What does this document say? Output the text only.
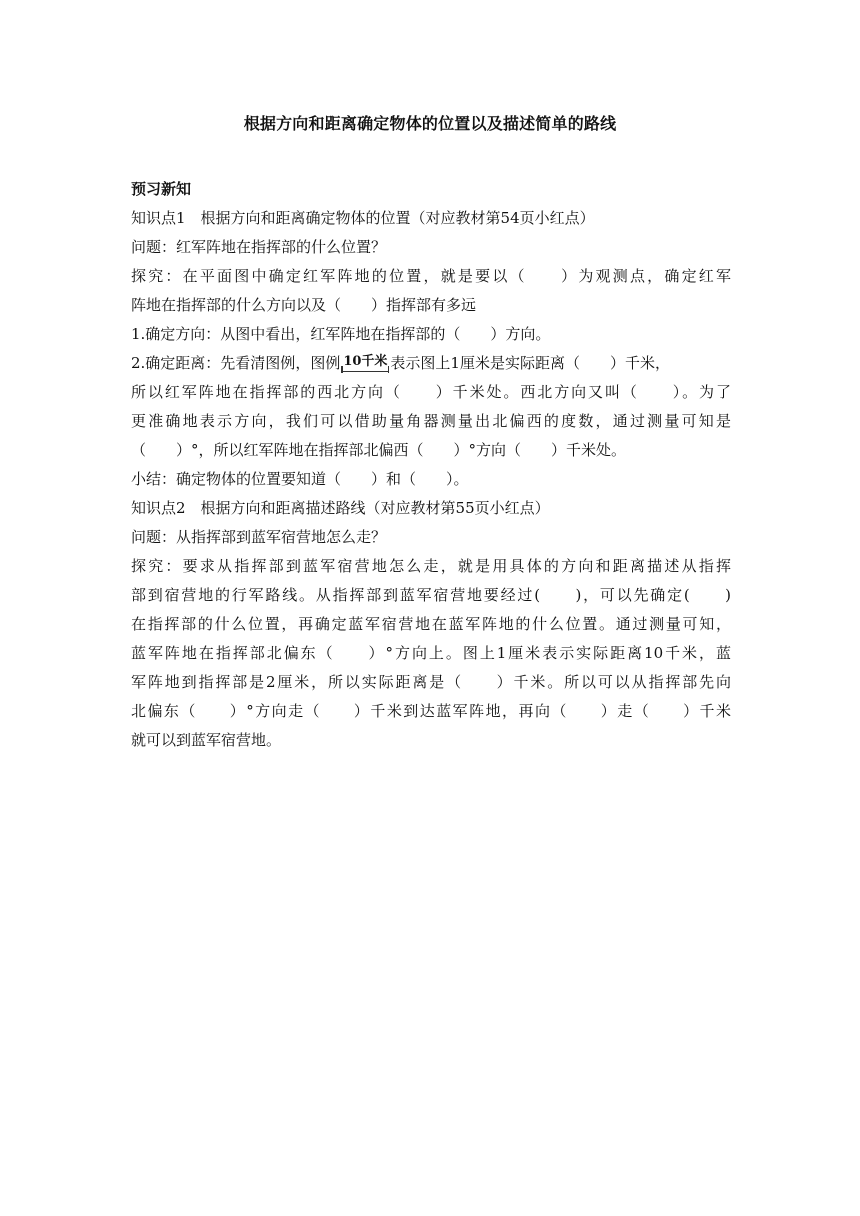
根据方向和距离确定物体的位置以及描述简单的路线
预习新知
知识点1　根据方向和距离确定物体的位置（对应教材第54页小红点）
问题：红军阵地在指挥部的什么位置？
探究：在平面图中确定红军阵地的位置，就是要以（　　）为观测点，确定红军
阵地在指挥部的什么方向以及（　　）指挥部有多远
1.确定方向：从图中看出，红军阵地在指挥部的（　　）方向。
2.确定距离：先看清图例，图例 10千米 表示图上1厘米是实际距离（　　）千米，
所以红军阵地在指挥部的西北方向（　　）千米处。西北方向又叫（　　）。为了
更准确地表示方向，我们可以借助量角器测量出北偏西的度数，通过测量可知是
（　　）°，所以红军阵地在指挥部北偏西（　　）°方向（　　）千米处。
小结：确定物体的位置要知道（　　）和（　　）。
知识点2　根据方向和距离描述路线（对应教材第55页小红点）
问题：从指挥部到蓝军宿营地怎么走？
探究：要求从指挥部到蓝军宿营地怎么走，就是用具体的方向和距离描述从指挥
部到宿营地的行军路线。从指挥部到蓝军宿营地要经过(　　)，可以先确定(　　)
在指挥部的什么位置，再确定蓝军宿营地在蓝军阵地的什么位置。通过测量可知，
蓝军阵地在指挥部北偏东（　　）°方向上。图上1厘米表示实际距离10千米，蓝
军阵地到指挥部是2厘米，所以实际距离是（　　）千米。所以可以从指挥部先向
北偏东（　　）°方向走（　　）千米到达蓝军阵地，再向（　　）走（　　）千米
就可以到蓝军宿营地。
